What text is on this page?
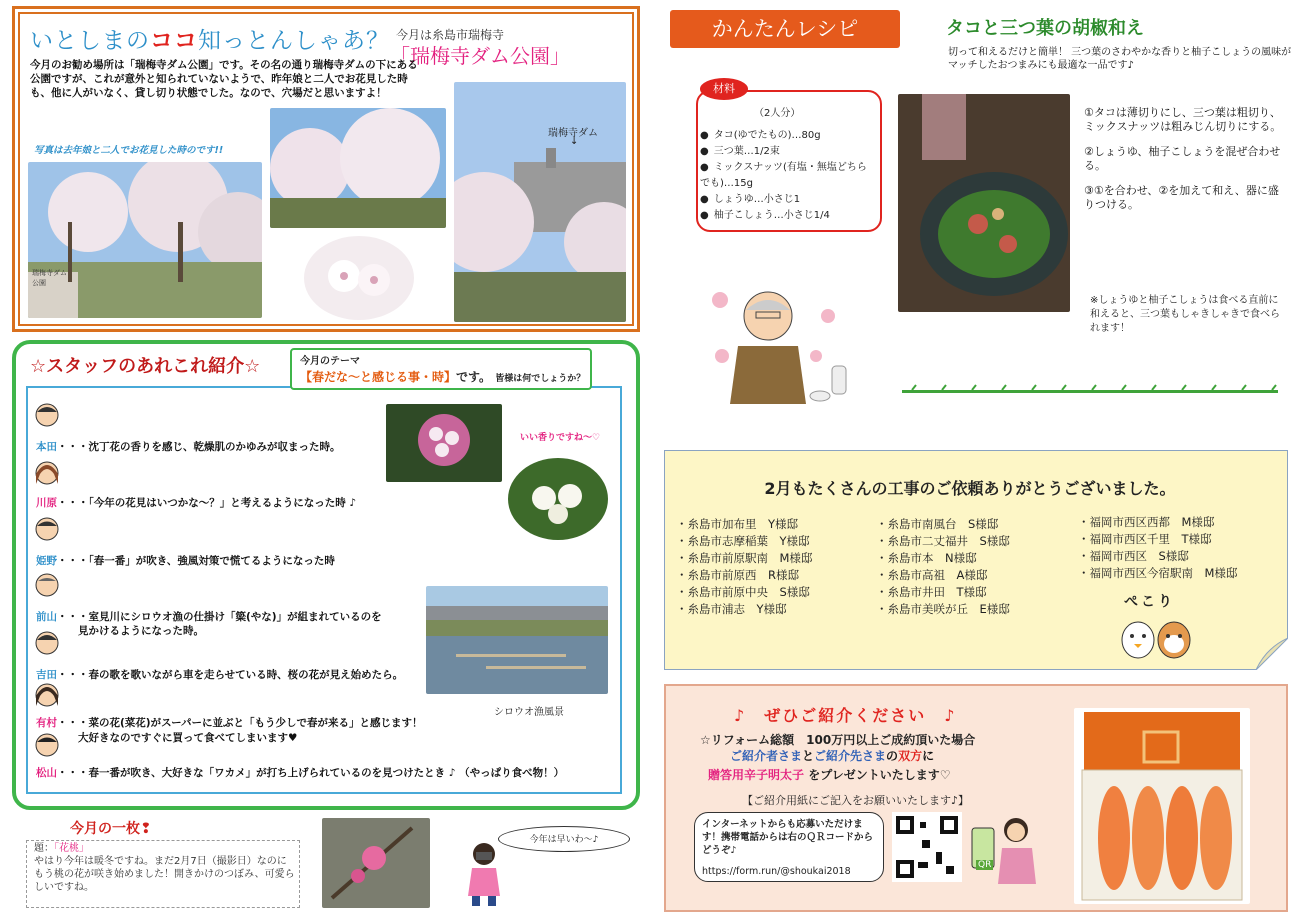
いとしまのココ知っとんしゃあ？ 今月は糸島市瑞梅寺
「瑞梅寺ダム公園」
今月のお勧め場所は「瑞梅寺ダム公園」です。その名の通り瑞梅寺ダムの下にある公園ですが、これが意外と知られていないようで、昨年娘と二人でお花見した時も、他に人がいなく、貸し切り状態でした。なので、穴場だと思いますよ！
写真は去年娘と二人でお花見した時のです!!
瑞梅寺ダム公園
瑞梅寺ダム
↓
☆スタッフのあれこれ紹介☆	今月のテーマ
【春だな～と感じる事・時】です。 皆様は何でしょうか？
いい香りですね～♡
シロウオ漁風景
本田・・・沈丁花の香りを感じ、乾燥肌のかゆみが収まった時。
川原・・・「今年の花見はいつかな～？」と考えるようになった時 ♪
姫野・・・「春一番」が吹き、強風対策で慌てるようになった時
前山・・・室見川にシロウオ漁の仕掛け「簗(やな)」が組まれているのを
見かけるようになった時。
吉田・・・春の歌を歌いながら車を走らせている時、桜の花が見え始めたら。
有村・・・菜の花(菜花)がスーパーに並ぶと「もう少しで春が来る」と感じます！
大好きなのですぐに買って食べてしまいます♥
松山・・・春一番が吹き、大好きな「ワカメ」が打ち上げられているのを見つけたとき ♪ （やっぱり食べ物！）
今月の一枚❢
題：「花桃」
やはり今年は暖冬ですね。まだ2月7日（撮影日）なのにもう桃の花が咲き始めました！開きかけのつぼみ、可愛らしいですね。
今年は早いわ～♪
かんたんレシピ	タコと三つ葉の胡椒和え
切って和えるだけと簡単！ 三つ葉のさわやかな香りと柚子こしょうの風味がマッチしたおつまみにも最適な一品です♪
材料
（2人分）
● タコ(ゆでたもの)…80g
● 三つ葉…1/2束
● ミックスナッツ(有塩・無塩どちらでも)…15g
● しょうゆ…小さじ1
● 柚子こしょう…小さじ1/4

①タコは薄切りにし、三つ葉は粗切り、ミックスナッツは粗みじん切りにする。

②しょうゆ、柚子こしょうを混ぜ合わせる。

③①を合わせ、②を加えて和え、器に盛りつける。

※しょうゆと柚子こしょうは食べる直前に和えると、三つ葉もしゃきしゃきで食べられます！
2月もたくさんの工事のご依頼ありがとうございました。
・糸島市加布里　Y様邸
・糸島市志摩稲葉　Y様邸
・糸島市前原駅南　M様邸
・糸島市前原西　R様邸
・糸島市前原中央　S様邸
・糸島市浦志　Y様邸
・糸島市南風台　S様邸
・糸島市二丈福井　S様邸
・糸島市本　N様邸
・糸島市高祖　A様邸
・糸島市井田　T様邸
・糸島市美咲が丘　E様邸
・福岡市西区西都　M様邸
・福岡市西区千里　T様邸
・福岡市西区　S様邸
・福岡市西区今宿駅南　M様邸
ぺこり
♪　ぜひご紹介ください　♪
☆リフォーム総額　100万円以上ご成約頂いた場合
ご紹介者さまとご紹介先さまの双方に
贈答用辛子明太子 をプレゼントいたします♡
【ご紹介用紙にご記入をお願いいたします♪】
インターネットからも応募いただけます！携帯電話からは右のＱＲコードからどうぞ♪
https://form.run/@shoukai2018
QR
